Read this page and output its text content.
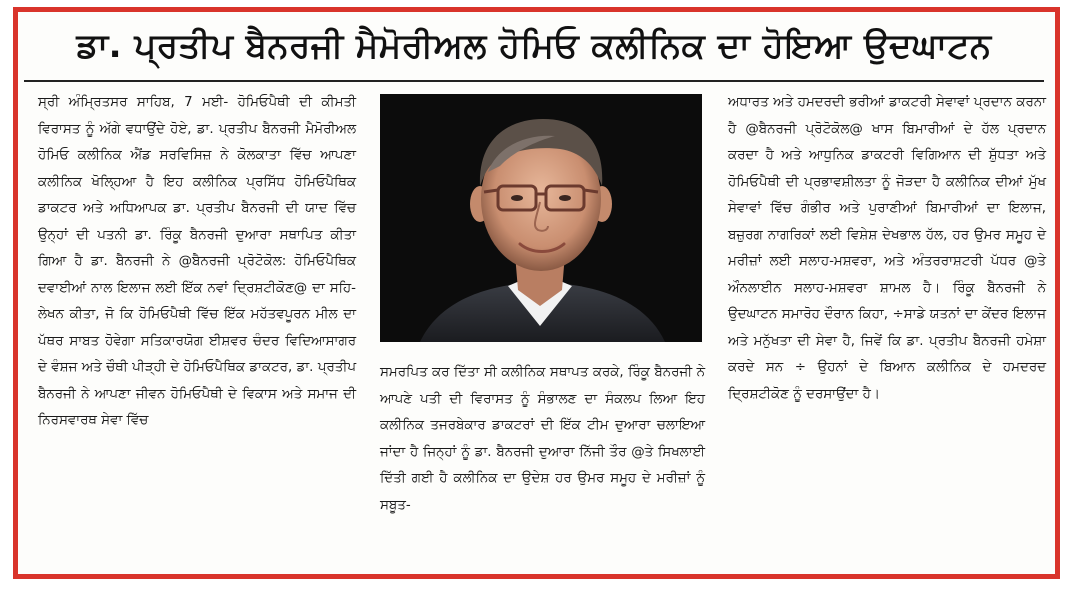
ਡਾ. ਪ੍ਰਤੀਪ ਬੈਨਰਜੀ ਮੈਮੋਰੀਅਲ ਹੋਮਿਓ ਕਲੀਨਿਕ ਦਾ ਹੋਇਆ ਉਦਘਾਟਨ

ਸ੍ਰੀ ਅੰਮ੍ਰਿਤਸਰ ਸਾਹਿਬ, 7 ਮਈ- ਹੋਮਿਓਪੈਥੀ ਦੀ ਕੀਮਤੀ ਵਿਰਾਸਤ ਨੂੰ ਅੱਗੇ ਵਧਾਉਂਦੇ ਹੋਏ, ਡਾ. ਪ੍ਰਤੀਪ ਬੈਨਰਜੀ ਮੈਮੋਰੀਅਲ ਹੋਮਿਓ ਕਲੀਨਿਕ ਐਂਡ ਸਰਵਿਸਿਜ਼ ਨੇ ਕੋਲਕਾਤਾ ਵਿੱਚ ਆਪਣਾ ਕਲੀਨਿਕ ਖੋਲ੍ਹਿਆ ਹੈ ਇਹ ਕਲੀਨਿਕ ਪ੍ਰਸਿੱਧ ਹੋਮਿਓਪੈਥਿਕ ਡਾਕਟਰ ਅਤੇ ਅਧਿਆਪਕ ਡਾ. ਪ੍ਰਤੀਪ ਬੈਨਰਜੀ ਦੀ ਯਾਦ ਵਿੱਚ ਉਨ੍ਹਾਂ ਦੀ ਪਤਨੀ ਡਾ. ਰਿੰਕੂ ਬੈਨਰਜੀ ਦੁਆਰਾ ਸਥਾਪਿਤ ਕੀਤਾ ਗਿਆ ਹੈ ਡਾ. ਬੈਨਰਜੀ ਨੇ @ਬੈਨਰਜੀ ਪ੍ਰੋਟੋਕੋਲ: ਹੋਮਿਓਪੈਥਿਕ ਦਵਾਈਆਂ ਨਾਲ ਇਲਾਜ ਲਈ ਇੱਕ ਨਵਾਂ ਦ੍ਰਿਸ਼ਟੀਕੋਣ@ ਦਾ ਸਹਿ-ਲੇਖਨ ਕੀਤਾ, ਜੋ ਕਿ ਹੋਮਿਓਪੈਥੀ ਵਿੱਚ ਇੱਕ ਮਹੱਤਵਪੂਰਨ ਮੀਲ ਦਾ ਪੱਥਰ ਸਾਬਤ ਹੋਵੇਗਾ ਸਤਿਕਾਰਯੋਗ ਈਸ਼ਵਰ ਚੰਦਰ ਵਿਦਿਆਸਾਗਰ ਦੇ ਵੰਸ਼ਜ ਅਤੇ ਚੌਥੀ ਪੀੜ੍ਹੀ ਦੇ ਹੋਮਿਓਪੈਥਿਕ ਡਾਕਟਰ, ਡਾ. ਪ੍ਰਤੀਪ ਬੈਨਰਜੀ ਨੇ ਆਪਣਾ ਜੀਵਨ ਹੋਮਿਓਪੈਥੀ ਦੇ ਵਿਕਾਸ ਅਤੇ ਸਮਾਜ ਦੀ ਨਿਰਸਵਾਰਥ ਸੇਵਾ ਵਿੱਚ

ਸਮਰਪਿਤ ਕਰ ਦਿੱਤਾ ਸੀ ਕਲੀਨਿਕ ਸਥਾਪਤ ਕਰਕੇ, ਰਿੰਕੂ ਬੈਨਰਜੀ ਨੇ ਆਪਣੇ ਪਤੀ ਦੀ ਵਿਰਾਸਤ ਨੂੰ ਸੰਭਾਲਣ ਦਾ ਸੰਕਲਪ ਲਿਆ ਇਹ ਕਲੀਨਿਕ ਤਜਰਬੇਕਾਰ ਡਾਕਟਰਾਂ ਦੀ ਇੱਕ ਟੀਮ ਦੁਆਰਾ ਚਲਾਇਆ ਜਾਂਦਾ ਹੈ ਜਿਨ੍ਹਾਂ ਨੂੰ ਡਾ. ਬੈਨਰਜੀ ਦੁਆਰਾ ਨਿੱਜੀ ਤੌਰ @ਤੇ ਸਿਖਲਾਈ ਦਿੱਤੀ ਗਈ ਹੈ ਕਲੀਨਿਕ ਦਾ ਉਦੇਸ਼ ਹਰ ਉਮਰ ਸਮੂਹ ਦੇ ਮਰੀਜ਼ਾਂ ਨੂੰ ਸਬੂਤ-

ਅਧਾਰਤ ਅਤੇ ਹਮਦਰਦੀ ਭਰੀਆਂ ਡਾਕਟਰੀ ਸੇਵਾਵਾਂ ਪ੍ਰਦਾਨ ਕਰਨਾ ਹੈ @ਬੈਨਰਜੀ ਪ੍ਰੋਟੋਕੋਲ@ ਖਾਸ ਬਿਮਾਰੀਆਂ ਦੇ ਹੱਲ ਪ੍ਰਦਾਨ ਕਰਦਾ ਹੈ ਅਤੇ ਆਧੁਨਿਕ ਡਾਕਟਰੀ ਵਿਗਿਆਨ ਦੀ ਸ਼ੁੱਧਤਾ ਅਤੇ ਹੋਮਿਓਪੈਥੀ ਦੀ ਪ੍ਰਭਾਵਸ਼ੀਲਤਾ ਨੂੰ ਜੋੜਦਾ ਹੈ ਕਲੀਨਿਕ ਦੀਆਂ ਮੁੱਖ ਸੇਵਾਵਾਂ ਵਿੱਚ ਗੰਭੀਰ ਅਤੇ ਪੁਰਾਣੀਆਂ ਬਿਮਾਰੀਆਂ ਦਾ ਇਲਾਜ, ਬਜ਼ੁਰਗ ਨਾਗਰਿਕਾਂ ਲਈ ਵਿਸ਼ੇਸ਼ ਦੇਖਭਾਲ ਹੱਲ, ਹਰ ਉਮਰ ਸਮੂਹ ਦੇ ਮਰੀਜ਼ਾਂ ਲਈ ਸਲਾਹ-ਮਸ਼ਵਰਾ, ਅਤੇ ਅੰਤਰਰਾਸ਼ਟਰੀ ਪੱਧਰ @ਤੇ ਔਨਲਾਈਨ ਸਲਾਹ-ਮਸ਼ਵਰਾ ਸ਼ਾਮਲ ਹੈ। ਰਿੰਕੂ ਬੈਨਰਜੀ ਨੇ ਉਦਘਾਟਨ ਸਮਾਰੋਹ ਦੌਰਾਨ ਕਿਹਾ, ÷ਸਾਡੇ ਯਤਨਾਂ ਦਾ ਕੇਂਦਰ ਇਲਾਜ ਅਤੇ ਮਨੁੱਖਤਾ ਦੀ ਸੇਵਾ ਹੈ, ਜਿਵੇਂ ਕਿ ਡਾ. ਪ੍ਰਤੀਪ ਬੈਨਰਜੀ ਹਮੇਸ਼ਾ ਕਰਦੇ ਸਨ ÷ ਉਹਨਾਂ ਦੇ ਬਿਆਨ ਕਲੀਨਿਕ ਦੇ ਹਮਦਰਦ ਦ੍ਰਿਸ਼ਟੀਕੋਣ ਨੂੰ ਦਰਸਾਉਂਦਾ ਹੈ।
